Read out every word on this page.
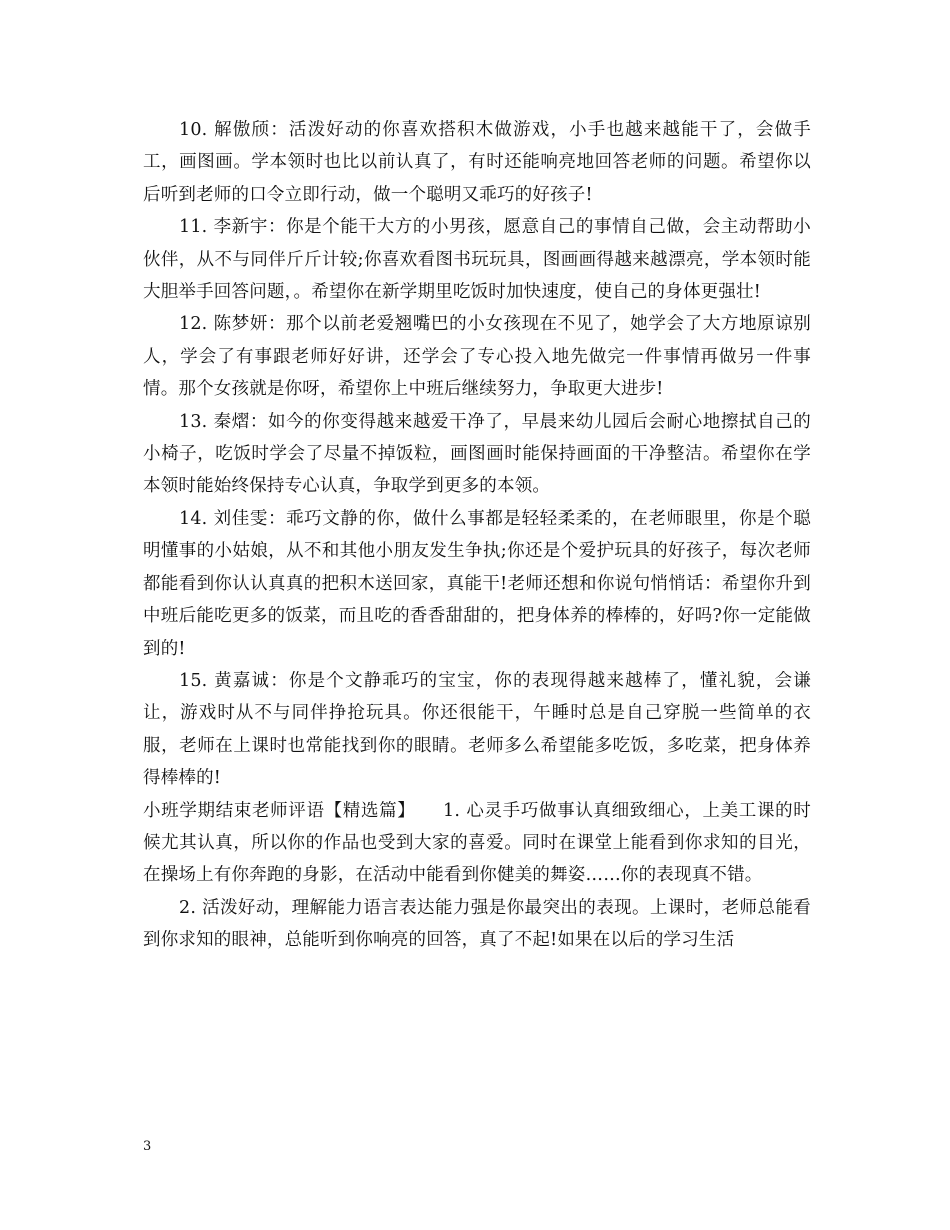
10. 解傲颀：活泼好动的你喜欢搭积木做游戏，小手也越来越能干了，会做手工，画图画。学本领时也比以前认真了，有时还能响亮地回答老师的问题。希望你以后听到老师的口令立即行动，做一个聪明又乖巧的好孩子!

11. 李新宇：你是个能干大方的小男孩，愿意自己的事情自己做，会主动帮助小伙伴，从不与同伴斤斤计较;你喜欢看图书玩玩具，图画画得越来越漂亮，学本领时能大胆举手回答问题，。希望你在新学期里吃饭时加快速度，使自己的身体更强壮!

12. 陈梦妍：那个以前老爱翘嘴巴的小女孩现在不见了，她学会了大方地原谅别人，学会了有事跟老师好好讲，还学会了专心投入地先做完一件事情再做另一件事情。那个女孩就是你呀，希望你上中班后继续努力，争取更大进步!

13. 秦熠：如今的你变得越来越爱干净了，早晨来幼儿园后会耐心地擦拭自己的小椅子，吃饭时学会了尽量不掉饭粒，画图画时能保持画面的干净整洁。希望你在学本领时能始终保持专心认真，争取学到更多的本领。

14. 刘佳雯：乖巧文静的你，做什么事都是轻轻柔柔的，在老师眼里，你是个聪明懂事的小姑娘，从不和其他小朋友发生争执;你还是个爱护玩具的好孩子，每次老师都能看到你认认真真的把积木送回家，真能干!老师还想和你说句悄悄话：希望你升到中班后能吃更多的饭菜，而且吃的香香甜甜的，把身体养的棒棒的，好吗?你一定能做到的!

15. 黄嘉诚：你是个文静乖巧的宝宝，你的表现得越来越棒了，懂礼貌，会谦让，游戏时从不与同伴挣抢玩具。你还很能干，午睡时总是自己穿脱一些简单的衣服，老师在上课时也常能找到你的眼睛。老师多么希望能多吃饭，多吃菜，把身体养得棒棒的!

小班学期结束老师评语【精选篇】　　1. 心灵手巧做事认真细致细心，上美工课的时候尤其认真，所以你的作品也受到大家的喜爱。同时在课堂上能看到你求知的目光，在操场上有你奔跑的身影，在活动中能看到你健美的舞姿……你的表现真不错。

2. 活泼好动，理解能力语言表达能力强是你最突出的表现。上课时，老师总能看到你求知的眼神，总能听到你响亮的回答，真了不起!如果在以后的学习生活

3
